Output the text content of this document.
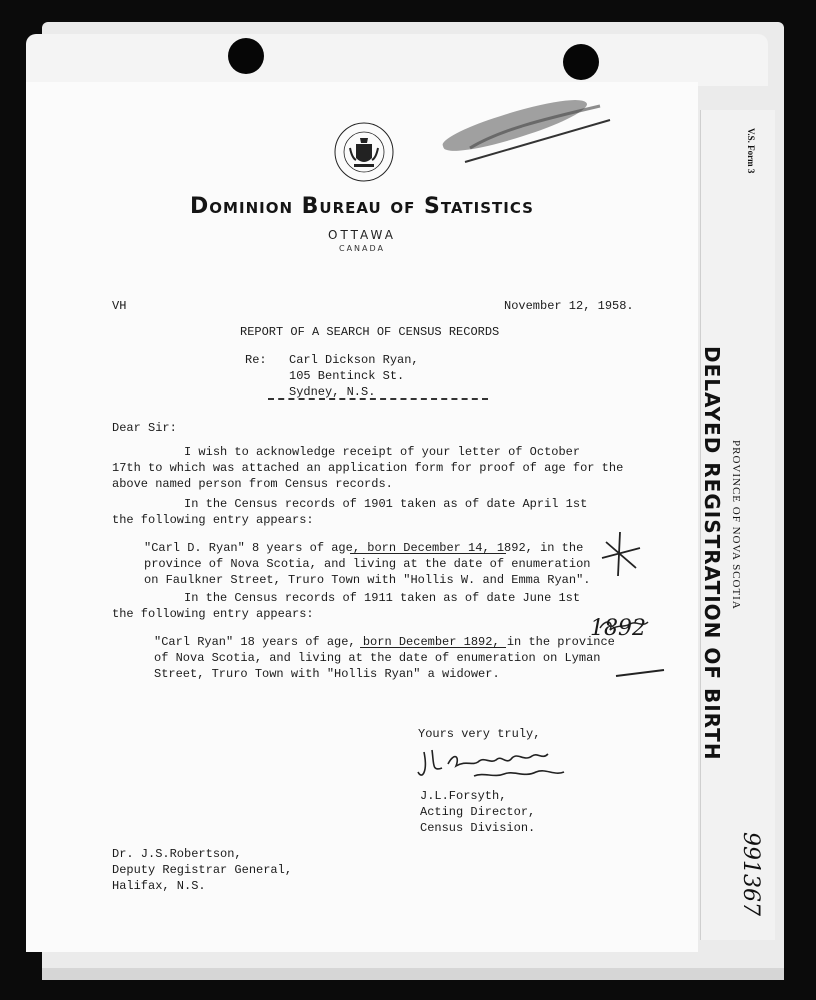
Dominion Bureau of Statistics
OTTAWA
CANADA
VH	November 12, 1958.
REPORT OF A SEARCH OF CENSUS RECORDS
Re: Carl Dickson Ryan,
105 Bentinck St.
Sydney, N.S.
Dear Sir:
I wish to acknowledge receipt of your letter of October
17th to which was attached an application form for proof of age for the
above named person from Census records.
In the Census records of 1901 taken as of date April 1st
the following entry appears:
"Carl D. Ryan" 8 years of age, born December 14, 1892, in the
province of Nova Scotia, and living at the date of enumeration
on Faulkner Street, Truro Town with "Hollis W. and Emma Ryan".
In the Census records of 1911 taken as of date June 1st
the following entry appears:
"Carl Ryan" 18 years of age, born December 1892, in the province
of Nova Scotia, and living at the date of enumeration on Lyman
Street, Truro Town with "Hollis Ryan" a widower.
Yours very truly,
J.L.Forsyth,
Acting Director,
Census Division.
Dr. J.S.Robertson,
Deputy Registrar General,
Halifax, N.S.
1892
V.S. Form 3
PROVINCE OF NOVA SCOTIA
DELAYED REGISTRATION OF BIRTH
991367
